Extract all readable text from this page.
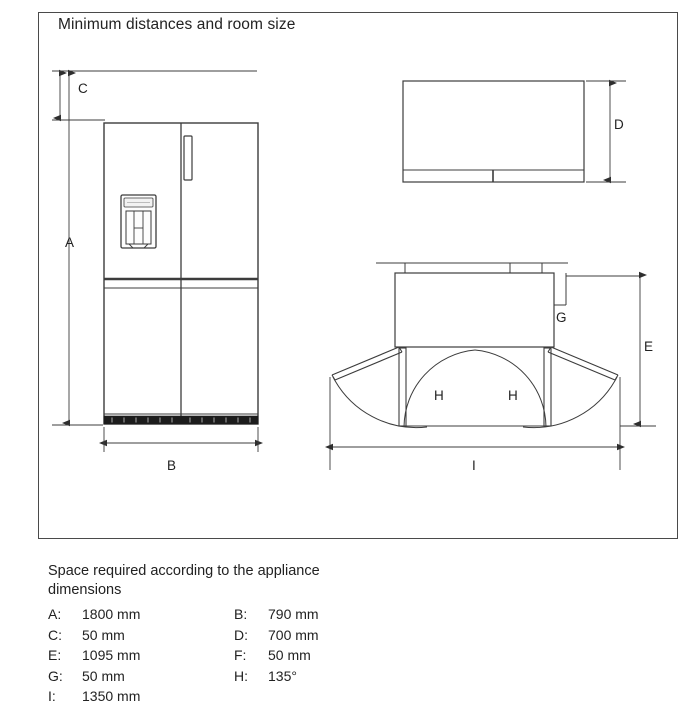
Minimum distances and room size
C
A
B
D
E
G
H	H
I
Space required according to the appliance dimensions
A:	1800 mm	B:	790 mm
C:	50 mm	D:	700 mm
E:	1095 mm	F:	50 mm
G:	50 mm	H:	135°
I:	1350 mm
